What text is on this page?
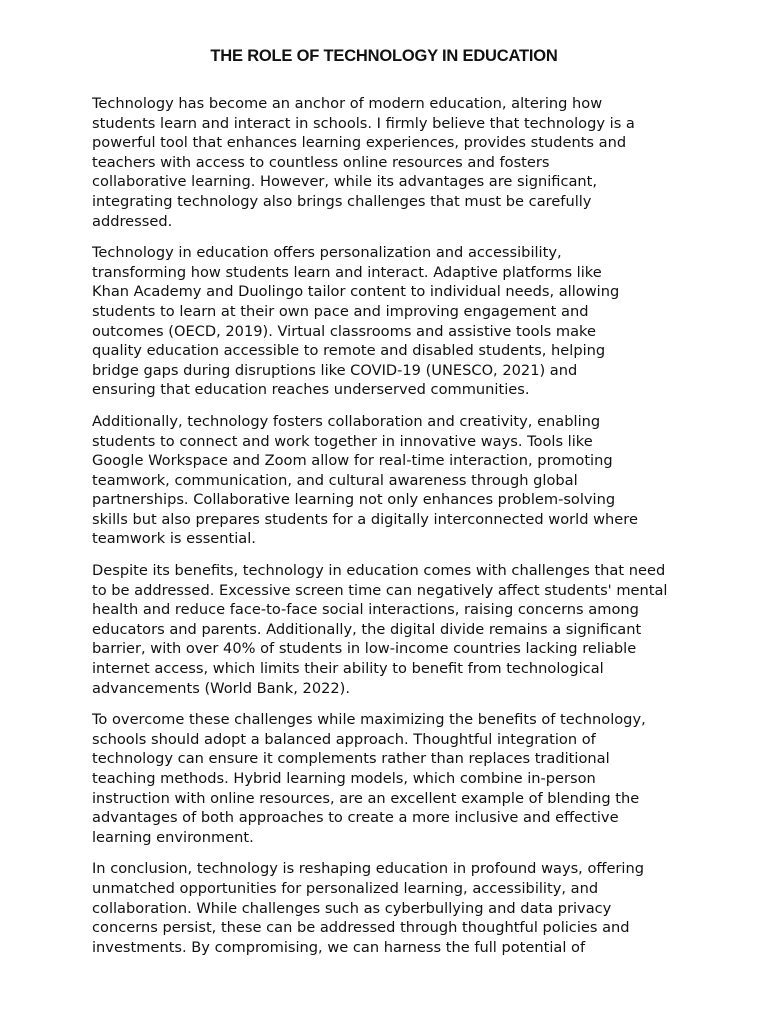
THE ROLE OF TECHNOLOGY IN EDUCATION

Technology has become an anchor of modern education, altering how
students learn and interact in schools. I firmly believe that technology is a
powerful tool that enhances learning experiences, provides students and
teachers with access to countless online resources and fosters
collaborative learning. However, while its advantages are significant,
integrating technology also brings challenges that must be carefully
addressed.

Technology in education offers personalization and accessibility,
transforming how students learn and interact. Adaptive platforms like
Khan Academy and Duolingo tailor content to individual needs, allowing
students to learn at their own pace and improving engagement and
outcomes (OECD, 2019). Virtual classrooms and assistive tools make
quality education accessible to remote and disabled students, helping
bridge gaps during disruptions like COVID-19 (UNESCO, 2021) and
ensuring that education reaches underserved communities.

Additionally, technology fosters collaboration and creativity, enabling
students to connect and work together in innovative ways. Tools like
Google Workspace and Zoom allow for real-time interaction, promoting
teamwork, communication, and cultural awareness through global
partnerships. Collaborative learning not only enhances problem-solving
skills but also prepares students for a digitally interconnected world where
teamwork is essential.

Despite its benefits, technology in education comes with challenges that need
to be addressed. Excessive screen time can negatively affect students' mental
health and reduce face-to-face social interactions, raising concerns among
educators and parents. Additionally, the digital divide remains a significant
barrier, with over 40% of students in low-income countries lacking reliable
internet access, which limits their ability to benefit from technological
advancements (World Bank, 2022).

To overcome these challenges while maximizing the benefits of technology,
schools should adopt a balanced approach. Thoughtful integration of
technology can ensure it complements rather than replaces traditional
teaching methods. Hybrid learning models, which combine in-person
instruction with online resources, are an excellent example of blending the
advantages of both approaches to create a more inclusive and effective
learning environment.

In conclusion, technology is reshaping education in profound ways, offering
unmatched opportunities for personalized learning, accessibility, and
collaboration. While challenges such as cyberbullying and data privacy
concerns persist, these can be addressed through thoughtful policies and
investments. By compromising, we can harness the full potential of
